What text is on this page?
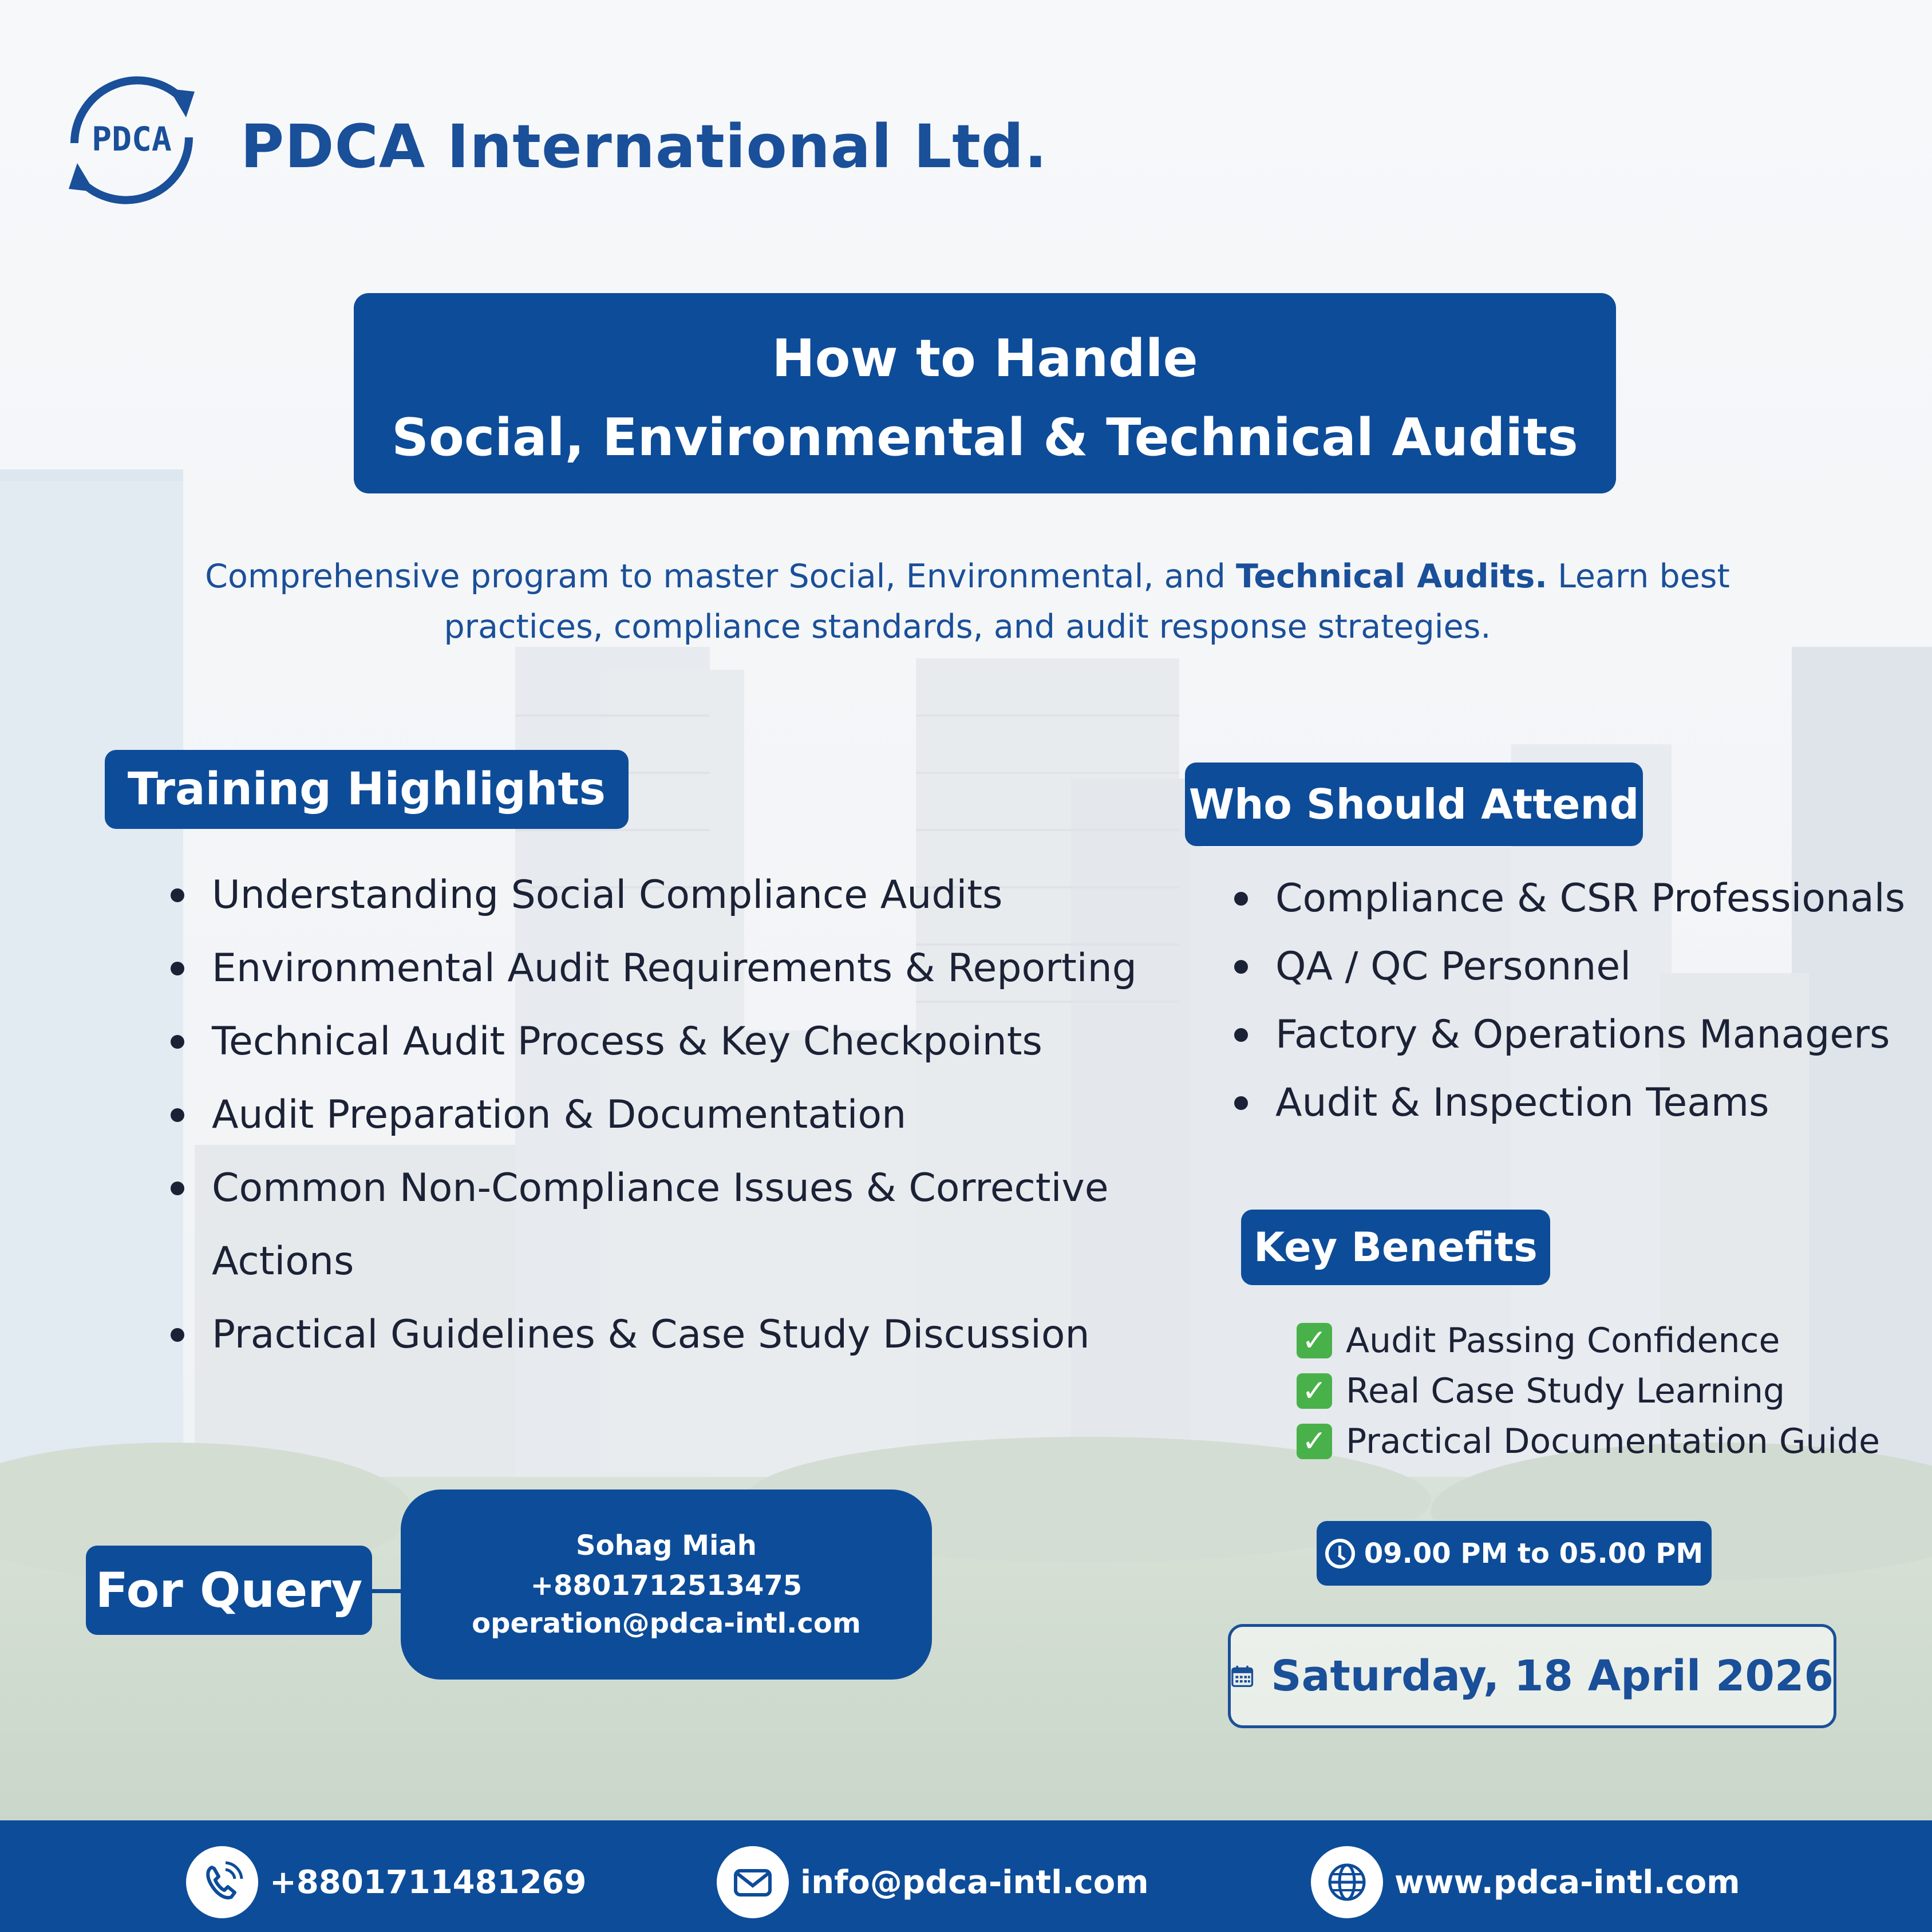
PDCA PDCA International Ltd.
How to Handle
Social, Environmental & Technical Audits
Comprehensive program to master Social, Environmental, and Technical Audits. Learn best practices, compliance standards, and audit response strategies.
Training Highlights
Understanding Social Compliance Audits
Environmental Audit Requirements & Reporting
Technical Audit Process & Key Checkpoints
Audit Preparation & Documentation
Common Non-Compliance Issues & Corrective
Actions
Practical Guidelines & Case Study Discussion
Who Should Attend
Compliance & CSR Professionals
QA / QC Personnel
Factory & Operations Managers
Audit & Inspection Teams
Key Benefits
✓ Audit Passing Confidence
✓ Real Case Study Learning
✓ Practical Documentation Guide
For Query
Sohag Miah
+8801712513475
operation@pdca-intl.com
09.00 PM to 05.00 PM
Saturday, 18 April 2026
+8801711481269	info@pdca-intl.com	www.pdca-intl.com
